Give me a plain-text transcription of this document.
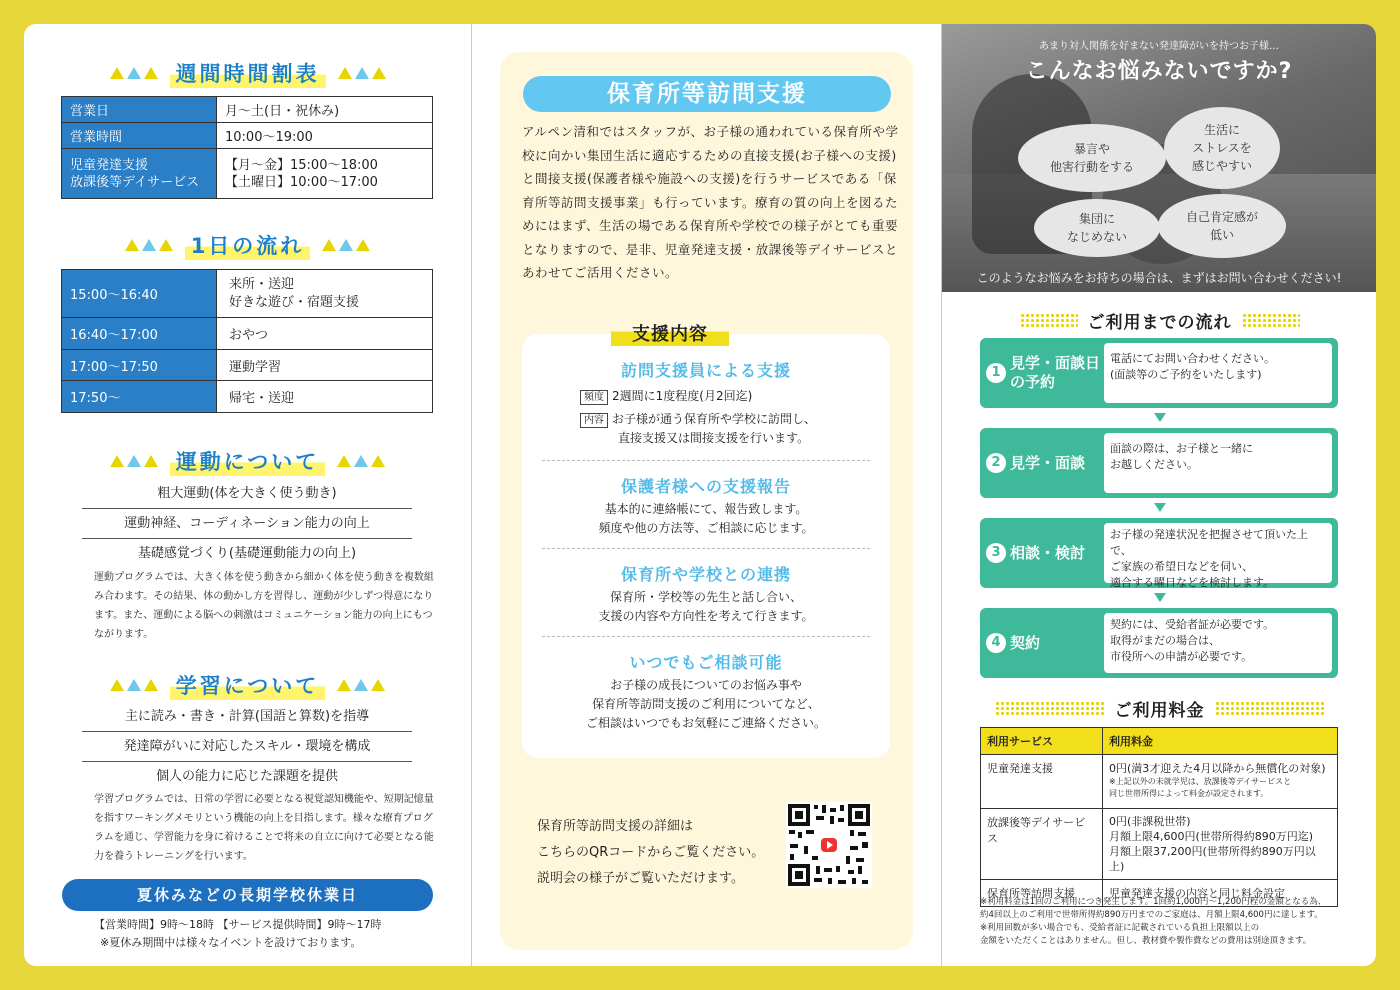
週間時間割表
営業日	月～土(日・祝休み)
営業時間	10:00～19:00
児童発達支援
放課後等デイサービス	【月～金】15:00～18:00
【土曜日】10:00～17:00
1日の流れ
15:00～16:40	来所・送迎
好きな遊び・宿題支援
16:40～17:00	おやつ
17:00～17:50	運動学習
17:50～	帰宅・送迎
運動について
粗大運動(体を大きく使う動き)
運動神経、コーディネーション能力の向上
基礎感覚づくり(基礎運動能力の向上)
運動プログラムでは、大きく体を使う動きから細かく体を使う動きを複数組み合わます。その結果、体の動かし方を習得し、運動が少しずつ得意になります。また、運動による脳への刺激はコミュニケーション能力の向上にもつながります。
学習について
主に読み・書き・計算(国語と算数)を指導
発達障がいに対応したスキル・環境を構成
個人の能力に応じた課題を提供
学習プログラムでは、日常の学習に必要となる視覚認知機能や、短期記憶量を指すワーキングメモリという機能の向上を目指します。様々な療育プログラムを通じ、学習能力を身に着けることで将来の自立に向けて必要となる能力を養うトレーニングを行います。
夏休みなどの長期学校休業日
【営業時間】9時～18時 【サービス提供時間】9時～17時
※夏休み期間中は様々なイベントを設けております。
保育所等訪問支援
アルペン清和ではスタッフが、お子様の通われている保育所や学校に向かい集団生活に適応するための直接支援(お子様への支援)と間接支援(保護者様や施設への支援)を行うサービスである「保育所等訪問支援事業」も行っています。療育の質の向上を図るためにはまず、生活の場である保育所や学校での様子がとても重要となりますので、是非、児童発達支援・放課後等デイサービスとあわせてご活用ください。
訪問支援員による支援
頻度 2週間に1度程度(月2回迄)
内容 お子様が通う保育所や学校に訪問し、
直接支援又は間接支援を行います。
保護者様への支援報告
基本的に連絡帳にて、報告致します。
頻度や他の方法等、ご相談に応じます。
保育所や学校との連携
保育所・学校等の先生と話し合い、
支援の内容や方向性を考えて行きます。
いつでもご相談可能
お子様の成長についてのお悩み事や
保育所等訪問支援のご利用についてなど、
ご相談はいつでもお気軽にご連絡ください。
支援内容
保育所等訪問支援の詳細は
こちらのQRコードからご覧ください。
説明会の様子がご覧いただけます。
あまり対人関係を好まない発達障がいを持つお子様…
こんなお悩みないですか?
暴言や
他害行動をする
生活に
ストレスを
感じやすい
集団に
なじめない
自己肯定感が
低い
このようなお悩みをお持ちの場合は、まずはお問い合わせください!
ご利用までの流れ
1
見学・面談日
の予約
電話にてお問い合わせください。
(面談等のご予約をいたします)
2 見学・面談
面談の際は、お子様と一緒に
お越しください。
3 相談・検討
お子様の発達状況を把握させて頂いた上で、
ご家族の希望日などを伺い、
適合する曜日などを検討します。
4 契約
契約には、受給者証が必要です。
取得がまだの場合は、
市役所への申請が必要です。
ご利用料金
利用サービス	利用料金
児童発達支援	0円(満3才迎えた4月以降から無償化の対象)
※上記以外の未就学児は、放課後等デイサービスと
同じ世帯所得によって料金が設定されます。

放課後等デイサービス	0円(非課税世帯)
月額上限4,600円(世帯所得約890万円迄)
月額上限37,200円(世帯所得約890万円以上)
保育所等訪問支援	児童発達支援の内容と同じ料金設定
※利用料金は1回のご利用につき発生します。1回約1,000円～1,200円程の金額となる為、
約4回以上のご利用で世帯所得約890万円までのご家庭は、月額上限4,600円に達します。
※利用回数が多い場合でも、受給者証に記載されている負担上限額以上の
金額をいただくことはありません。但し、教材費や製作費などの費用は別途頂きます。
